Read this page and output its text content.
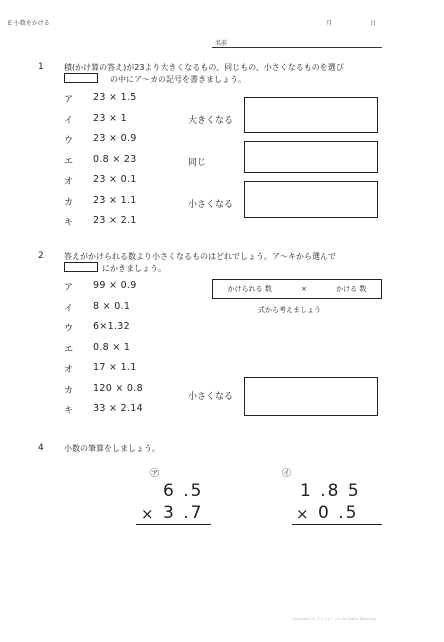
E 小数をかける	月	日
名前
1	積(かけ算の答え)が23より大きくなるもの、同じもの、小さくなるものを選び
の中にア～カの記号を書きましょう。
ア	23 × 1.5
イ	23 × 1
ウ	23 × 0.9
エ	0.8 × 23
オ	23 × 0.1
カ	23 × 1.1
キ	23 × 2.1
大きくなる
同じ
小さくなる
2	答えがかけられる数より小さくなるものはどれでしょう。ア～キから選んで
にかきましょう。
ア	99 × 0.9
イ	8 × 0.1
ウ	6×1.32
エ	0.8 × 1
オ	17 × 1.1
カ	120 × 0.8
キ	33 × 2.14
かけられる 数	×	かける 数
式から考えましょう
小さくなる
4	小数の筆算をしましょう。
㋐
6 .5
× 3 .7
㋑
1 .8 5
× 0 .5
Copyright (C) すきるまドリル All Rights Reserved
